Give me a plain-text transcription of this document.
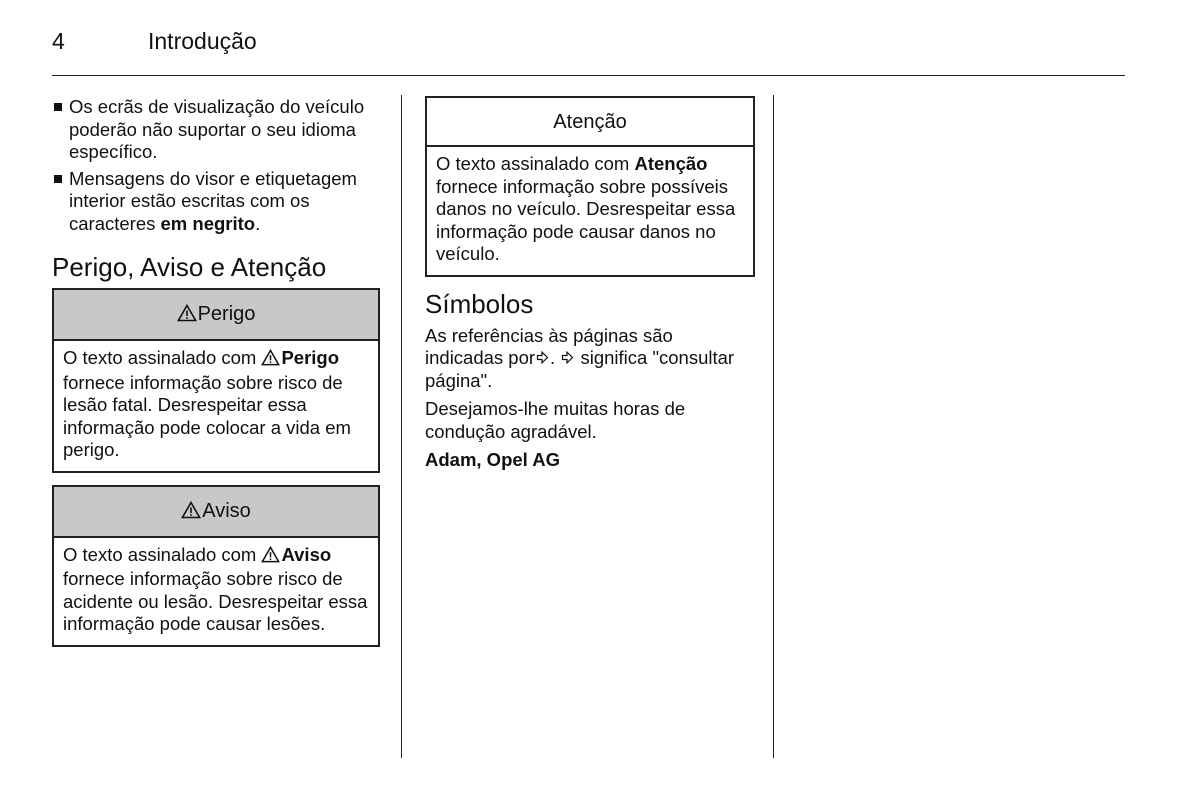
4	Introdução
Os ecrãs de visualização do veículo poderão não suportar o seu idioma específico.
Mensagens do visor e etiquetagem interior estão escritas com os caracteres em negrito.
Perigo, Aviso e Atenção
Perigo
O texto assinalado com Perigo fornece informação sobre risco de lesão fatal. Desrespeitar essa informação pode colocar a vida em perigo.
Aviso
O texto assinalado com Aviso fornece informação sobre risco de acidente ou lesão. Desrespeitar essa informação pode causar lesões.
Atenção
O texto assinalado com Atenção fornece informação sobre possíveis danos no veículo. Desrespeitar essa informação pode causar danos no veículo.
Símbolos

As referências às páginas são indicadas por .  significa "consultar página".

Desejamos-lhe muitas horas de condução agradável.

Adam, Opel AG
